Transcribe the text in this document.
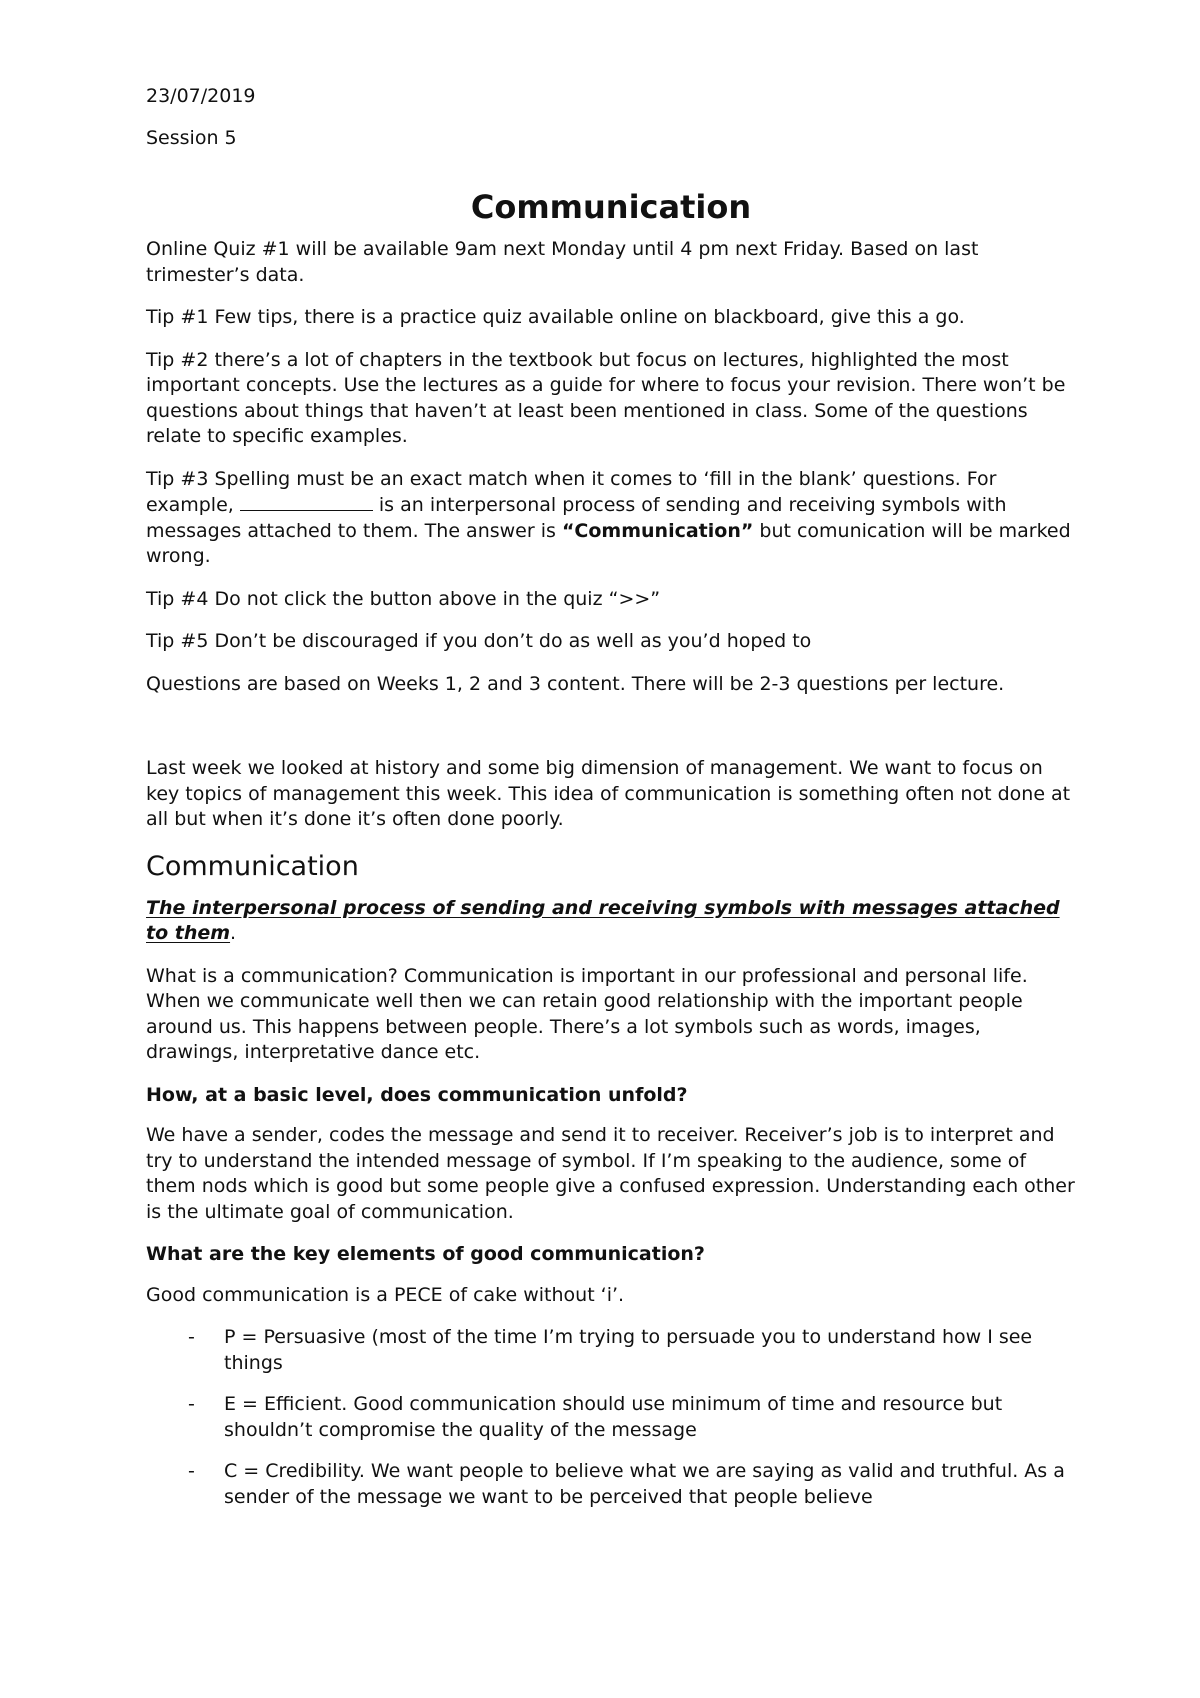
23/07/2019

Session 5

Communication

Online Quiz #1 will be available 9am next Monday until 4 pm next Friday. Based on last trimester’s data.

Tip #1 Few tips, there is a practice quiz available online on blackboard, give this a go.

Tip #2 there’s a lot of chapters in the textbook but focus on lectures, highlighted the most important concepts. Use the lectures as a guide for where to focus your revision. There won’t be questions about things that haven’t at least been mentioned in class. Some of the questions relate to specific examples.

Tip #3 Spelling must be an exact match when it comes to ‘fill in the blank’ questions. For example,	is an interpersonal process of sending and receiving symbols with messages attached to them. The answer is “Communication” but comunication will be marked wrong.

Tip #4 Do not click the button above in the quiz “>>”

Tip #5 Don’t be discouraged if you don’t do as well as you’d hoped to

Questions are based on Weeks 1, 2 and 3 content. There will be 2-3 questions per lecture.

Last week we looked at history and some big dimension of management. We want to focus on key topics of management this week. This idea of communication is something often not done at all but when it’s done it’s often done poorly.

Communication

The interpersonal process of sending and receiving symbols with messages attached to them.

What is a communication? Communication is important in our professional and personal life. When we communicate well then we can retain good relationship with the important people around us. This happens between people. There’s a lot symbols such as words, images, drawings, interpretative dance etc.

How, at a basic level, does communication unfold?

We have a sender, codes the message and send it to receiver. Receiver’s job is to interpret and try to understand the intended message of symbol. If I’m speaking to the audience, some of them nods which is good but some people give a confused expression. Understanding each other is the ultimate goal of communication.

What are the key elements of good communication?

Good communication is a PECE of cake without ‘i’.

- P = Persuasive (most of the time I’m trying to persuade you to understand how I see things
- E = Efficient. Good communication should use minimum of time and resource but shouldn’t compromise the quality of the message
- C = Credibility. We want people to believe what we are saying as valid and truthful. As a sender of the message we want to be perceived that people believe
